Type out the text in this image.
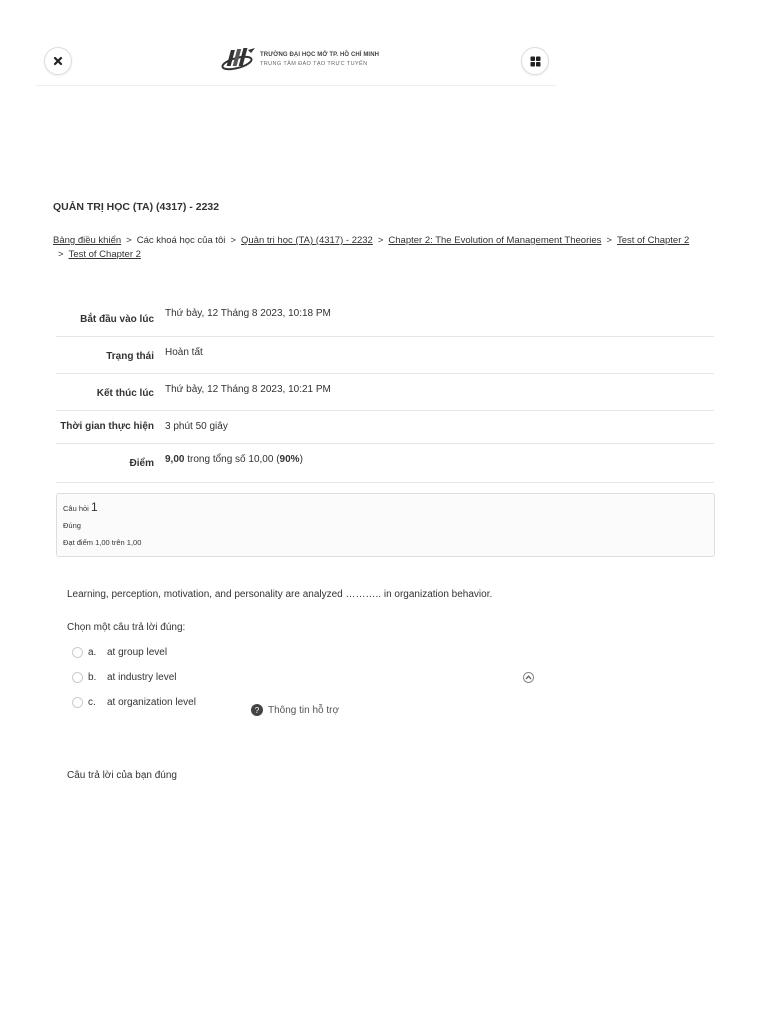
TRƯỜNG ĐẠI HỌC MỞ TP. HỒ CHÍ MINH
TRUNG TÂM ĐÀO TẠO TRỰC TUYẾN
QUẢN TRỊ HỌC (TA) (4317) - 2232
Bảng điều khiển > Các khoá học của tôi > Quản trị học (TA) (4317) - 2232 > Chapter 2: The Evolution of Management Theories > Test of Chapter 2
> Test of Chapter 2
Bắt đầu vào lúc	Thứ bảy, 12 Tháng 8 2023, 10:18 PM
Trạng thái	Hoàn tất
Kết thúc lúc	Thứ bảy, 12 Tháng 8 2023, 10:21 PM
Thời gian thực hiện	3 phút 50 giây
Điểm	9,00 trong tổng số 10,00 (90%)
Câu hỏi 1
Đúng
Đạt điểm 1,00 trên 1,00
Learning, perception, motivation, and personality are analyzed ……….. in organization behavior.
Chọn một câu trả lời đúng:
a.	at group level
b.	at industry level
c.	at organization level
? Thông tin hỗ trợ
Câu trả lời của bạn đúng
